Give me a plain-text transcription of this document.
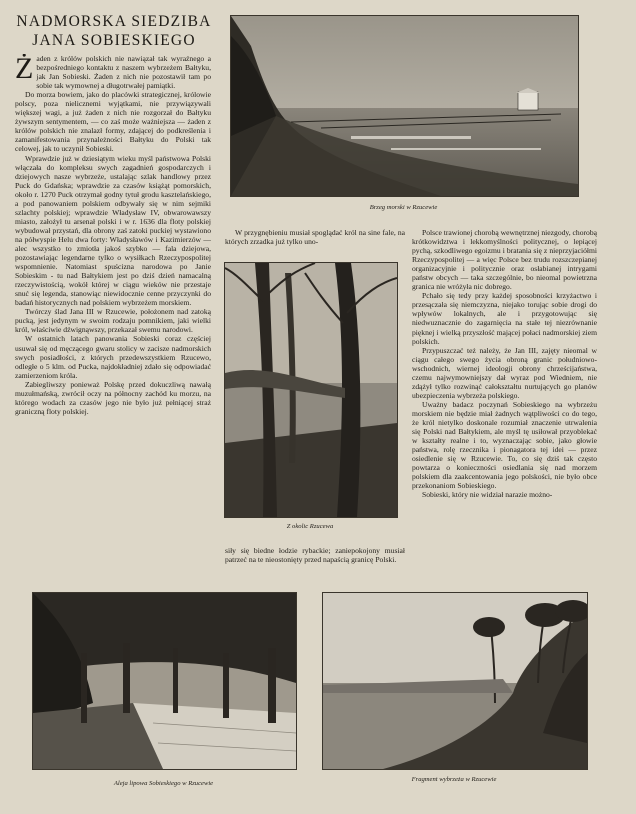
NADMORSKA SIEDZIBA
JANA SOBIESKIEGO

Żaden z królów polskich nie nawiązał tak wyraźnego a bezpośredniego kontaktu z naszem wybrzeżem Bałtyku, jak Jan Sobieski. Żaden z nich nie pozostawił tam po sobie tak wymownej a długotrwałej pamiątki.

Do morza bowiem, jako do placówki strategicznej, królowie polscy, poza nielicznemi wyjątkami, nie przywiązywali większej wagi, a już żaden z nich nie rozgorzał do Bałtyku żywszym sentymentem, — co zaś może ważniejsza — żaden z królów polskich nie znalazł formy, zdającej do podkreślenia i zamanifestowania przynależności Bałtyku do Polski tak celowej, jak to uczynił Sobieski.

Wprawdzie już w dziesiątym wieku myśl państwowa Polski włączała do kompleksu swych zagadnień gospodarczych i dziejowych nasze wybrzeże, ustalając szlak handlowy przez Puck do Gdańska; wprawdzie za czasów książąt pomorskich, około r. 1270 Puck otrzymał godny tytuł grodu kasztelańskiego, a pod panowaniem polskiem odbywały się w nim sejmiki szlachty polskiej; wprawdzie Władysław IV, obwarowawszy miasto, założył tu arsenał polski i w r. 1636 dla floty polskiej wybudował przystań, dla obrony zaś zatoki puckiej wystawiono na półwyspie Helu dwa forty: Władysławów i Kazimierzów — alec wszystko to zmiotła jakoś szybko — fala dziejowa, pozostawiając legendarne tylko o wysiłkach Rzeczypospolitej wspomnienie. Natomiast spuścizna narodowa po Janie Sobieskim - tu nad Bałtykiem jest po dziś dzień namacalną rzeczywistością, wokół której w ciągu wieków nie przestaje snuć się legenda, stanowiąc niewidocznie cenne przyczynki do badań historycznych nad polskiem wybrzeżem morskiem.

Twórczy ślad Jana III w Rzucewie, położonem nad zatoką pucką, jest jedynym w swoim rodzaju pomnikiem, jaki wielki król, właściwie dźwignąwszy, przekazał swemu narodowi.

W ostatnich latach panowania Sobieski coraz częściej usuwał się od męczącego gwaru stolicy w zacisze nadmorskich swych posiadłości, z których przedewszystkiem Rzucewo, odległe o 5 klm. od Pucka, najdokładniej zdało się odpowiadać zamierzeniom króla.

Zabiegliwszy ponieważ Polskę przed dokuczliwą nawałą muzułmańską, zwrócił oczy na północny zachód ku morzu, na którego wodach za czasów jego nie było już pełniącej straż graniczną floty polskiej.

Brzeg morski w Rzucewie

W przygnębieniu musiał spoglądać król na sine fale, na których zrzadka już tylko uno-

Z okolic Rzucewa

siły się biedne łodzie rybackie; zaniepokojony musiał patrzeć na te nieostonięty przed napaścią granicę Polski.

Polsce trawionej chorobą wewnętrznej niezgody, chorobą krótkowidztwa i lekkomyślności politycznej, o lepiącej pychą, szkodliwego egoizmu i bratania się z nieprzyjaciółmi Rzeczypospolitej — a więc Polsce bez trudu rozszczepianej organizacyjnie i politycznie oraz osłabianej intrygami państw obcych — taka szczególnie, bo nieomal powietrzna granica nie wróżyła nic dobrego.

Pchało się tedy przy każdej sposobności krzyżactwo i przesączała się niemczyzna, niejako torując sobie drogi do wpływów lokalnych, ale i przygotowując się niedwuznacznie do zagarnięcia na stałe tej niezrównanie pięknej i wielką przyszłość mającej połaci nadmorskiej ziem polskich.

Przypuszczać też należy, że Jan III, zajęty nieomal w ciągu całego swego życia obroną granic południowo-wschodnich, wiernej ideologji obrony chrześcijaństwa, czemu najwymowniejszy dał wyraz pod Wiedniem, nie zdążył tylko rozwinąć całokształtu nurtujących go planów ubezpieczenia wybrzeża polskiego.

Uważny badacz poczynań Sobieskiego na wybrzeżu morskiem nie będzie miał żadnych wątpliwości co do tego, że król nietylko doskonale rozumiał znaczenie utrwalenia się Polski nad Bałtykiem, ale myśl tę usiłował przyoblekać w kształty realne i to, wyznaczając sobie, jako głowie państwa, rolę rzecznika i pionagatora tej idei — przez osiedlenie się w Rzucewie. To, co się dziś tak często powtarza o konieczności osiedlania się nad morzem polskiem dla zaakcentowania jego polskości, nie było obce przekonaniom Sobieskiego.

Sobieski, który nie widział narazie możno-

Aleja lipowa Sobieskiego w Rzucewie
Fragment wybrzeża w Rzucewie
